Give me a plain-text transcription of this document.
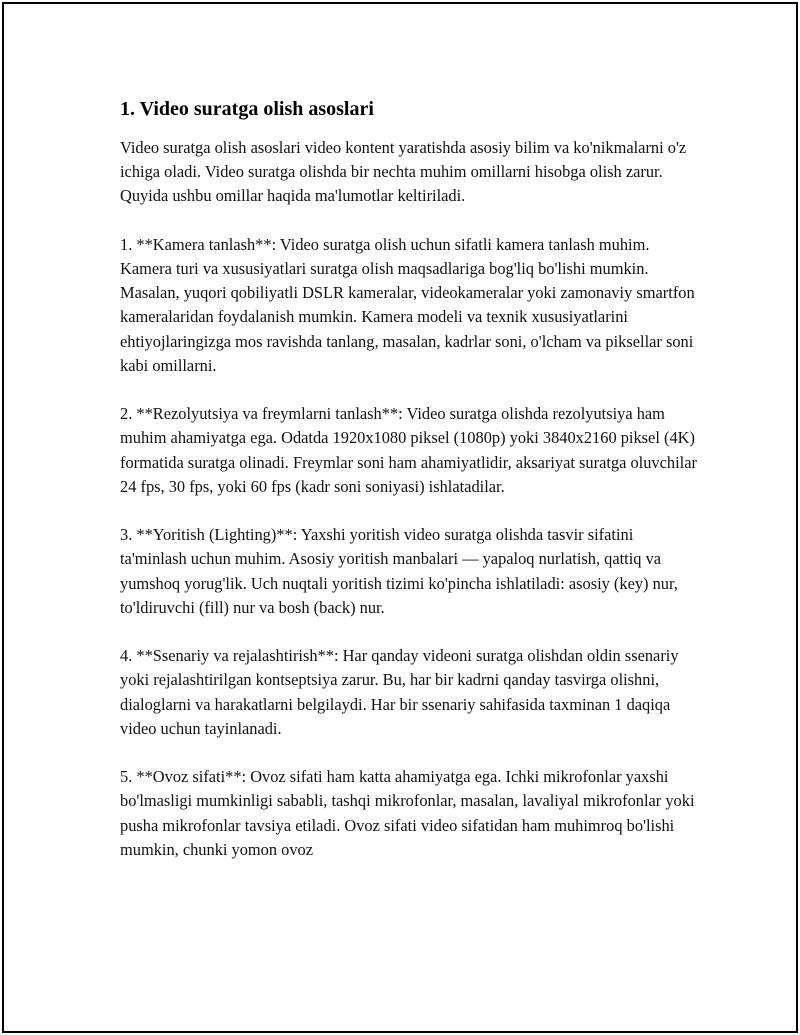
1. Video suratga olish asoslari

Video suratga olish asoslari video kontent yaratishda asosiy bilim va ko'nikmalarni o'z ichiga oladi. Video suratga olishda bir nechta muhim omillarni hisobga olish zarur. Quyida ushbu omillar haqida ma'lumotlar keltiriladi.

1. **Kamera tanlash**: Video suratga olish uchun sifatli kamera tanlash muhim. Kamera turi va xususiyatlari suratga olish maqsadlariga bog'liq bo'lishi mumkin. Masalan, yuqori qobiliyatli DSLR kameralar, videokameralar yoki zamonaviy smartfon kameralaridan foydalanish mumkin. Kamera modeli va texnik xususiyatlarini ehtiyojlaringizga mos ravishda tanlang, masalan, kadrlar soni, o'lcham va piksellar soni kabi omillarni.

2. **Rezolyutsiya va freymlarni tanlash**: Video suratga olishda rezolyutsiya ham muhim ahamiyatga ega. Odatda 1920x1080 piksel (1080p) yoki 3840x2160 piksel (4K) formatida suratga olinadi. Freymlar soni ham ahamiyatlidir, aksariyat suratga oluvchilar 24 fps, 30 fps, yoki 60 fps (kadr soni soniyasi) ishlatadilar.

3. **Yoritish (Lighting)**: Yaxshi yoritish video suratga olishda tasvir sifatini ta'minlash uchun muhim. Asosiy yoritish manbalari — yapaloq nurlatish, qattiq va yumshoq yorug'lik. Uch nuqtali yoritish tizimi ko'pincha ishlatiladi: asosiy (key) nur, to'ldiruvchi (fill) nur va bosh (back) nur.

4. **Ssenariy va rejalashtirish**: Har qanday videoni suratga olishdan oldin ssenariy yoki rejalashtirilgan kontseptsiya zarur. Bu, har bir kadrni qanday tasvirga olishni, dialoglarni va harakatlarni belgilaydi. Har bir ssenariy sahifasida taxminan 1 daqiqa video uchun tayinlanadi.

5. **Ovoz sifati**: Ovoz sifati ham katta ahamiyatga ega. Ichki mikrofonlar yaxshi bo'lmasligi mumkinligi sababli, tashqi mikrofonlar, masalan, lavaliyal mikrofonlar yoki pusha mikrofonlar tavsiya etiladi. Ovoz sifati video sifatidan ham muhimroq bo'lishi mumkin, chunki yomon ovoz
